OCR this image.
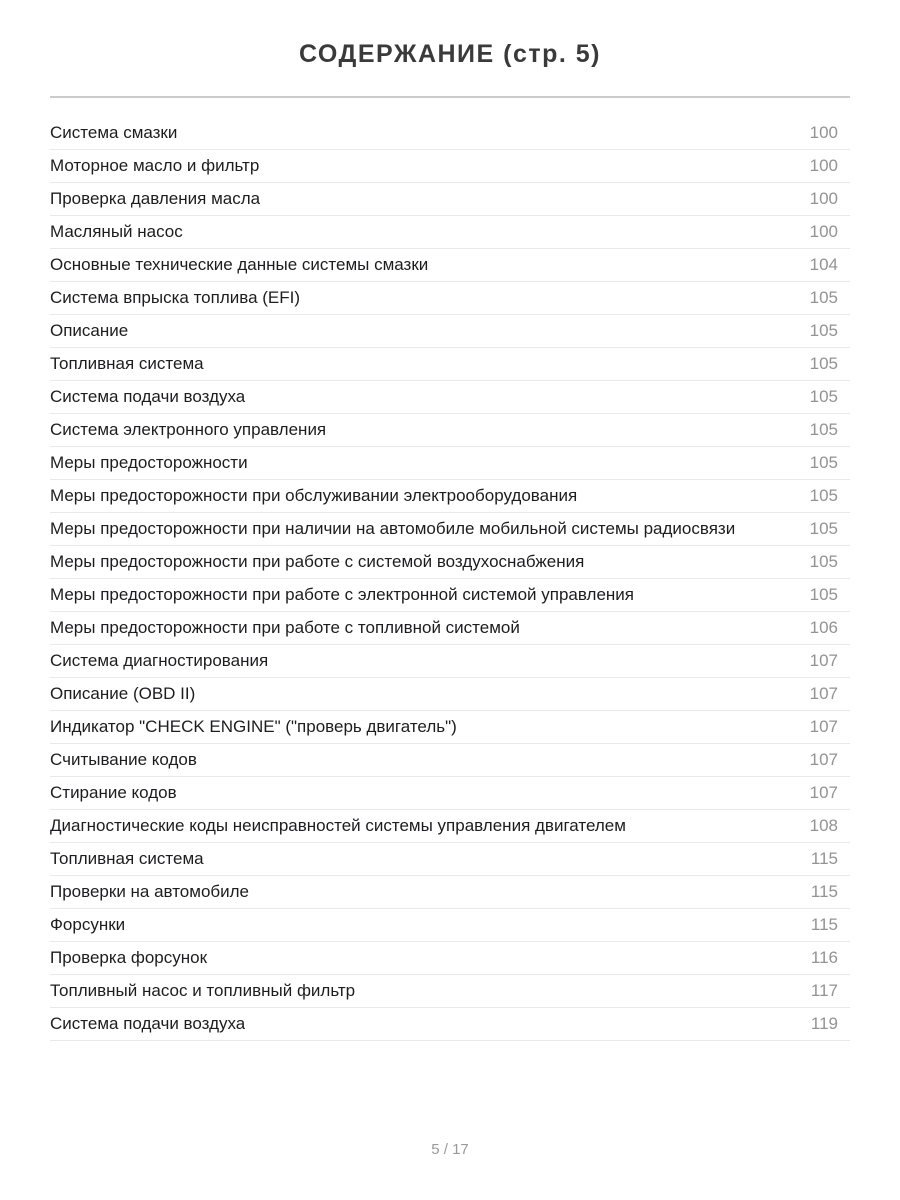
СОДЕРЖАНИЕ (стр. 5)
Система смазки	100
Моторное масло и фильтр	100
Проверка давления масла	100
Масляный насос	100
Основные технические данные системы смазки	104
Система впрыска топлива (EFI)	105
Описание	105
Топливная система	105
Система подачи воздуха	105
Система электронного управления	105
Меры предосторожности	105
Меры предосторожности при обслуживании электрооборудования	105
Меры предосторожности при наличии на автомобиле мобильной системы радиосвязи	105
Меры предосторожности при работе с системой воздухоснабжения	105
Меры предосторожности при работе с электронной системой управления	105
Меры предосторожности при работе с топливной системой	106
Система диагностирования	107
Описание (OBD II)	107
Индикатор "CHECK ENGINE" ("проверь двигатель")	107
Считывание кодов	107
Стирание кодов	107
Диагностические коды неисправностей системы управления двигателем	108
Топливная система	115
Проверки на автомобиле	115
Форсунки	115
Проверка форсунок	116
Топливный насос и топливный фильтр	117
Система подачи воздуха	119
5 / 17
